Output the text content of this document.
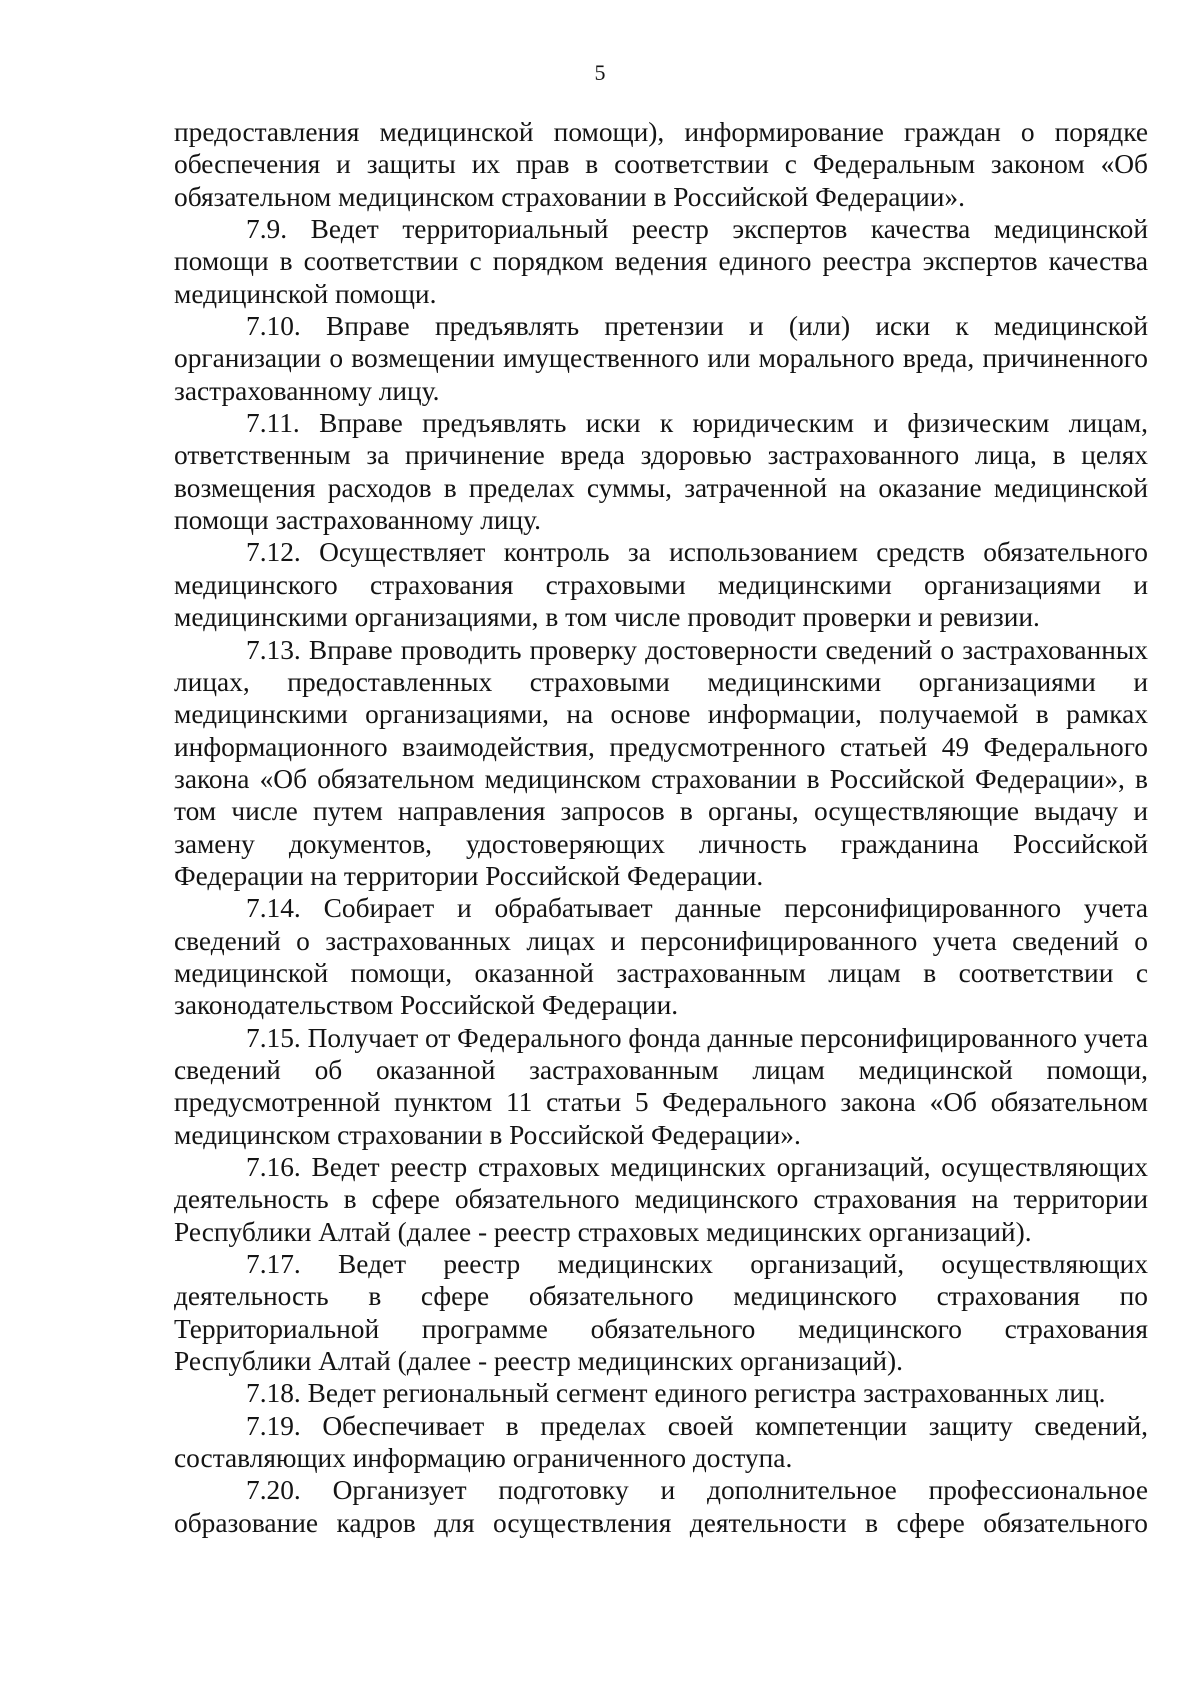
5

предоставления медицинской помощи), информирование граждан о порядке обеспечения и защиты их прав в соответствии с Федеральным законом «Об обязательном медицинском страховании в Российской Федерации».

7.9. Ведет территориальный реестр экспертов качества медицинской помощи в соответствии с порядком ведения единого реестра экспертов качества медицинской помощи.

7.10. Вправе предъявлять претензии и (или) иски к медицинской организации о возмещении имущественного или морального вреда, причиненного застрахованному лицу.

7.11. Вправе предъявлять иски к юридическим и физическим лицам, ответственным за причинение вреда здоровью застрахованного лица, в целях возмещения расходов в пределах суммы, затраченной на оказание медицинской помощи застрахованному лицу.

7.12. Осуществляет контроль за использованием средств обязательного медицинского страхования страховыми медицинскими организациями и медицинскими организациями, в том числе проводит проверки и ревизии.

7.13. Вправе проводить проверку достоверности сведений о застрахованных лицах, предоставленных страховыми медицинскими организациями и медицинскими организациями, на основе информации, получаемой в рамках информационного взаимодействия, предусмотренного статьей 49 Федерального закона «Об обязательном медицинском страховании в Российской Федерации», в том числе путем направления запросов в органы, осуществляющие выдачу и замену документов, удостоверяющих личность гражданина Российской Федерации на территории Российской Федерации.

7.14. Собирает и обрабатывает данные персонифицированного учета сведений о застрахованных лицах и персонифицированного учета сведений о медицинской помощи, оказанной застрахованным лицам в соответствии с законодательством Российской Федерации.

7.15. Получает от Федерального фонда данные персонифицированного учета сведений об оказанной застрахованным лицам медицинской помощи, предусмотренной пунктом 11 статьи 5 Федерального закона «Об обязательном медицинском страховании в Российской Федерации».

7.16. Ведет реестр страховых медицинских организаций, осуществляющих деятельность в сфере обязательного медицинского страхования на территории Республики Алтай (далее - реестр страховых медицинских организаций).

7.17. Ведет реестр медицинских организаций, осуществляющих деятельность в сфере обязательного медицинского страхования по Территориальной программе обязательного медицинского страхования Республики Алтай (далее - реестр медицинских организаций).

7.18. Ведет региональный сегмент единого регистра застрахованных лиц.

7.19. Обеспечивает в пределах своей компетенции защиту сведений, составляющих информацию ограниченного доступа.

7.20. Организует подготовку и дополнительное профессиональное образование кадров для осуществления деятельности в сфере обязательного
